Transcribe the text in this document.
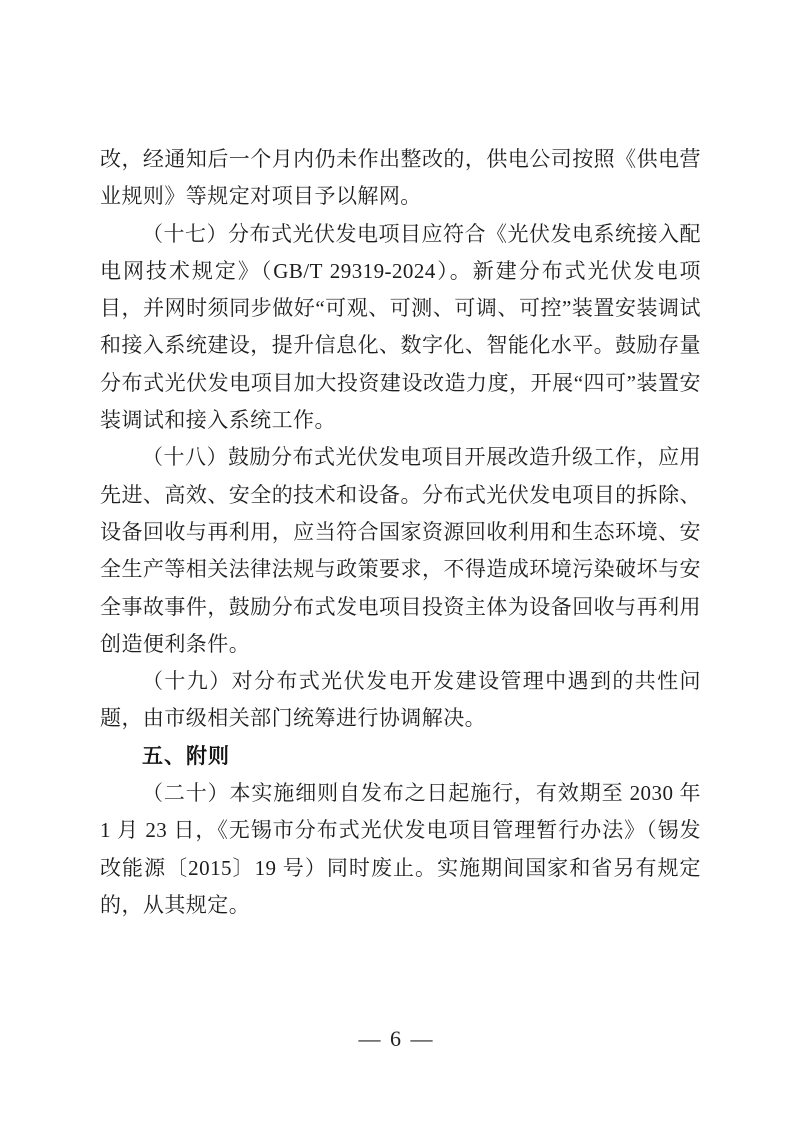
改，经通知后一个月内仍未作出整改的，供电公司按照《供电营业规则》等规定对项目予以解网。

（十七）分布式光伏发电项目应符合《光伏发电系统接入配电网技术规定》（GB/T 29319-2024）。新建分布式光伏发电项目，并网时须同步做好“可观、可测、可调、可控”装置安装调试和接入系统建设，提升信息化、数字化、智能化水平。鼓励存量分布式光伏发电项目加大投资建设改造力度，开展“四可”装置安装调试和接入系统工作。

（十八）鼓励分布式光伏发电项目开展改造升级工作，应用先进、高效、安全的技术和设备。分布式光伏发电项目的拆除、设备回收与再利用，应当符合国家资源回收利用和生态环境、安全生产等相关法律法规与政策要求，不得造成环境污染破坏与安全事故事件，鼓励分布式发电项目投资主体为设备回收与再利用创造便利条件。

（十九）对分布式光伏发电开发建设管理中遇到的共性问题，由市级相关部门统筹进行协调解决。

五、附则

（二十）本实施细则自发布之日起施行，有效期至 2030 年 1 月 23 日，《无锡市分布式光伏发电项目管理暂行办法》（锡发改能源〔2015〕19 号）同时废止。实施期间国家和省另有规定的，从其规定。

— 6 —
